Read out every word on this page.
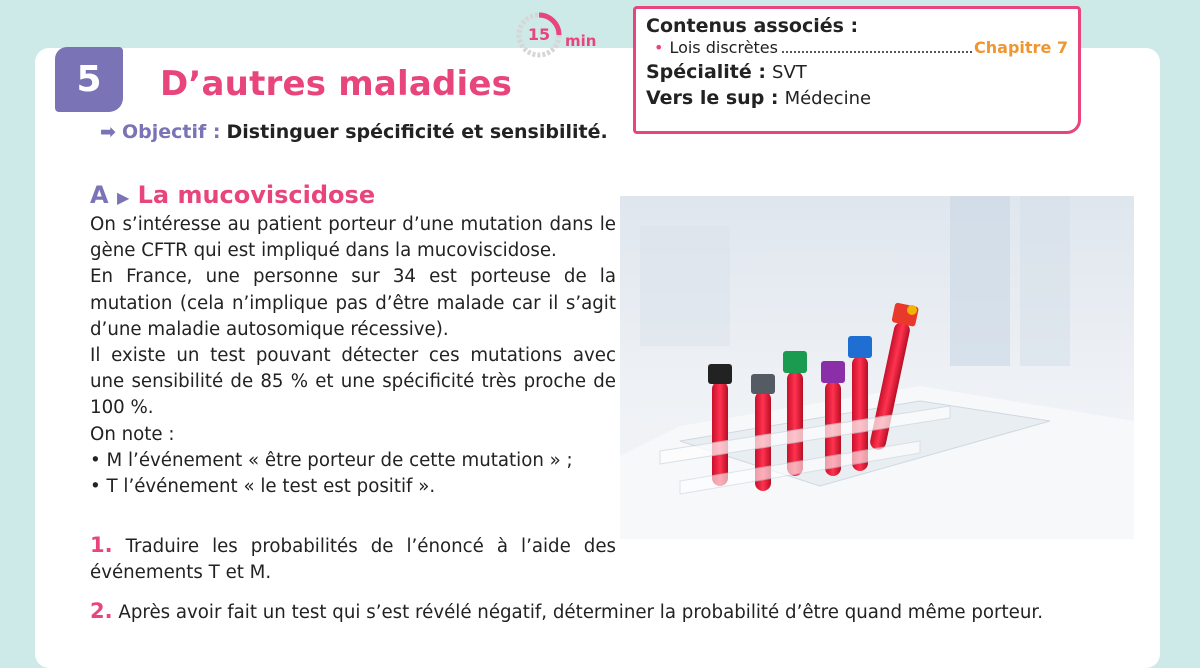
5 D’autres maladies
15 min
Contenus associés :
• Lois discrètes	Chapitre 7
Spécialité : SVT
Vers le sup : Médecine
➡ Objectif : Distinguer spécificité et sensibilité.
A ▶ La mucoviscidose

On s’intéresse au patient porteur d’une mutation dans le gène CFTR qui est impliqué dans la mucoviscidose.

En France, une personne sur 34 est porteuse de la mutation (cela n’implique pas d’être malade car il s’agit d’une maladie autosomique récessive).

Il existe un test pouvant détecter ces mutations avec une sensibilité de 85 % et une spécificité très proche de 100 %.

On note :

• M l’événement « être porteur de cette mutation » ;

• T l’événement « le test est positif ».

1. Traduire les probabilités de l’énoncé à l’aide des événements T et M.
2. Après avoir fait un test qui s’est révélé négatif, déterminer la probabilité d’être quand même porteur.
